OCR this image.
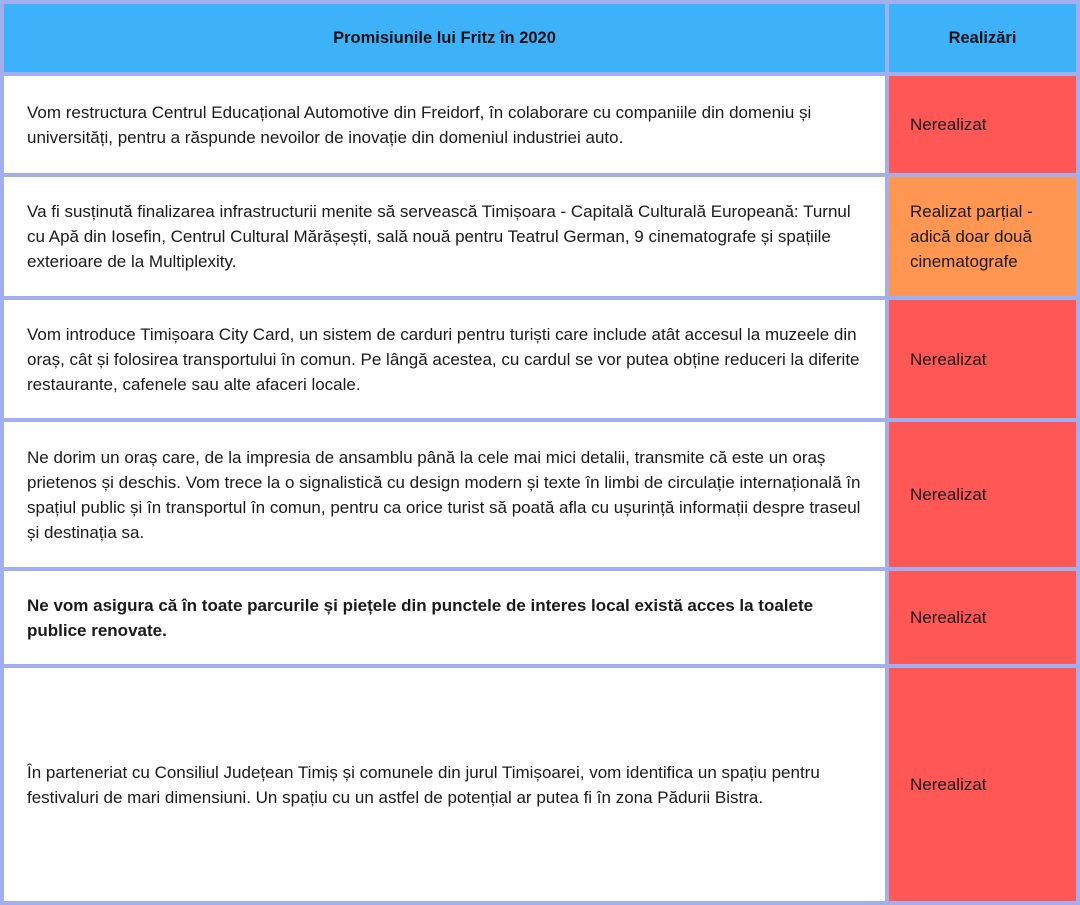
Promisiunile lui Fritz în 2020	Realizări
Vom restructura Centrul Educațional Automotive din Freidorf, în colaborare cu companiile din domeniu și universități, pentru a răspunde nevoilor de inovație din domeniul industriei auto.
Nerealizat
Va fi susținută finalizarea infrastructurii menite să servească Timișoara - Capitală Culturală Europeană: Turnul cu Apă din Iosefin, Centrul Cultural Mărășești, sală nouă pentru Teatrul German, 9 cinematografe și spațiile exterioare de la Multiplexity.
Realizat parțial - adică doar două cinematografe
Vom introduce Timișoara City Card, un sistem de carduri pentru turiști care include atât accesul la muzeele din oraș, cât și folosirea transportului în comun. Pe lângă acestea, cu cardul se vor putea obține reduceri la diferite restaurante, cafenele sau alte afaceri locale.
Nerealizat
Ne dorim un oraș care, de la impresia de ansamblu până la cele mai mici detalii, transmite că este un oraș prietenos și deschis. Vom trece la o signalistică cu design modern și texte în limbi de circulație internațională în spațiul public și în transportul în comun, pentru ca orice turist să poată afla cu ușurință informații despre traseul și destinația sa.
Nerealizat
Ne vom asigura că în toate parcurile și piețele din punctele de interes local există acces la toalete publice renovate.
Nerealizat
În parteneriat cu Consiliul Județean Timiș și comunele din jurul Timișoarei, vom identifica un spațiu pentru festivaluri de mari dimensiuni. Un spațiu cu un astfel de potențial ar putea fi în zona Pădurii Bistra.
Nerealizat
